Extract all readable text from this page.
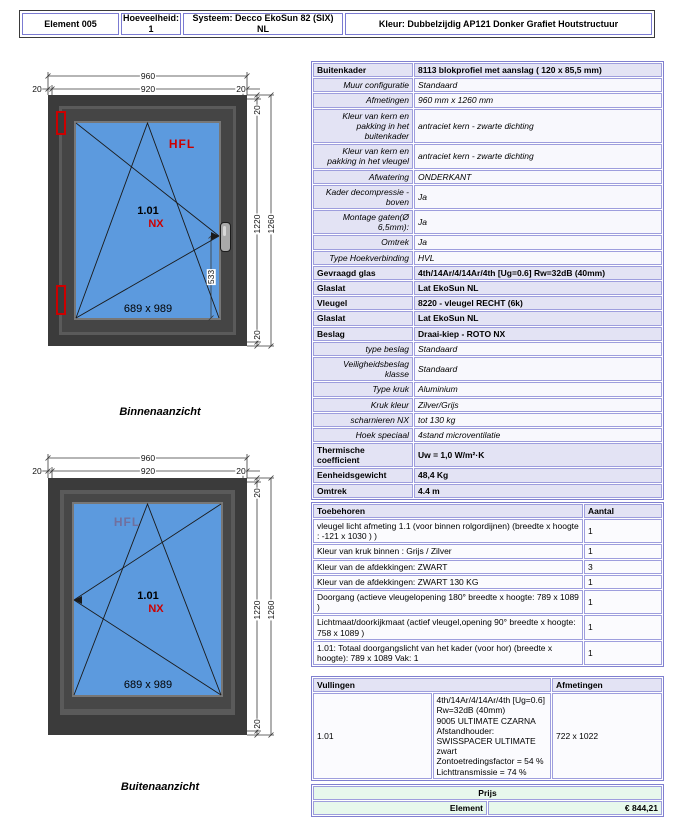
Element 005
Hoeveelheid:
1
Systeem: Decco EkoSun 82 (SIX) NL
Kleur: Dubbelzijdig AP121 Donker Grafiet Houtstructuur
960
20	920	20
20
1220 1260
20
533
HFL
1.01
NX
689 x 989
Binnenaanzicht
960
20	920	20
20
1220 1260
20
HFL
1.01
NX
689 x 989
Buitenaanzicht
Buitenkader	8113 blokprofiel met aanslag ( 120 x 85,5 mm)
Muur configuratie	Standaard
Afmetingen	960 mm x 1260 mm
Kleur van kern en pakking in het buitenkader	antraciet kern - zwarte dichting
Kleur van kern en pakking in het vleugel	antraciet kern - zwarte dichting
Afwatering	ONDERKANT
Kader decompressie - boven	Ja
Montage gaten(Ø 6,5mm):	Ja
Omtrek	Ja
Type Hoekverbinding	HVL
Gevraagd glas	4th/14Ar/4/14Ar/4th [Ug=0.6] Rw=32dB (40mm)
Glaslat	Lat EkoSun NL
Vleugel	8220 - vleugel RECHT (6k)
Glaslat	Lat EkoSun NL
Beslag	Draai-kiep - ROTO NX
type beslag	Standaard
Veiligheidsbeslag klasse	Standaard
Type kruk	Aluminium
Kruk kleur	Zilver/Grijs
scharnieren NX	tot 130 kg
Hoek speciaal	4stand microventilatie
Thermische coefficient	Uw = 1,0 W/m²·K
Eenheidsgewicht	48,4 Kg
Omtrek	4.4 m
Toebehoren	Aantal
vleugel licht afmeting 1.1 (voor binnen rolgordijnen) (breedte x hoogte : -121 x 1030 ) )	1
Kleur van kruk binnen : Grijs / Zilver	1
Kleur van de afdekkingen: ZWART	3
Kleur van de afdekkingen: ZWART 130 KG	1
Doorgang (actieve vleugelopening 180° breedte x hoogte: 789 x 1089 )	1
Lichtmaat/doorkijkmaat (actief vleugel,opening 90° breedte x hoogte: 758 x 1089 )	1
1.01: Totaal doorgangslicht van het kader (voor hor) (breedte x hoogte): 789 x 1089 Vak: 1	1
Vullingen		Afmetingen
1.01	4th/14Ar/4/14Ar/4th [Ug=0.6] Rw=32dB (40mm)
9005 ULTIMATE CZARNA Afstandhouder:
SWISSPACER ULTIMATE zwart
Zontoetredingsfactor = 54 % Lichttransmissie = 74 %	722 x 1022
Prijs
Element	€ 844,21
